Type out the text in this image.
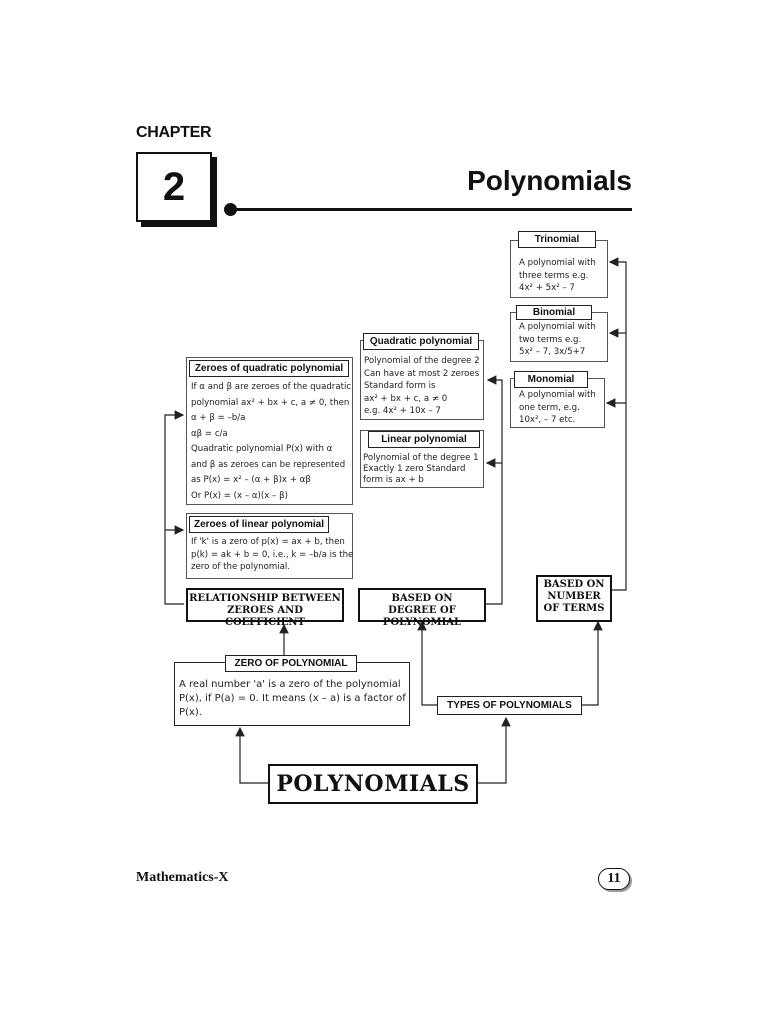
CHAPTER
2	Polynomials
Trinomial
A polynomial with
three terms e.g.
4x² + 5x² – 7
Binomial
A polynomial with
two terms e.g.
5x² – 7, 3x/5+7
Monomial
A polynomial with
one term, e.g.
10x², – 7 etc.
Quadratic polynomial
Polynomial of the degree 2
Can have at most 2 zeroes
Standard form is
ax² + bx + c, a ≠ 0
e.g. 4x² + 10x – 7
Linear polynomial
Polynomial of the degree 1
Exactly 1 zero Standard
form is ax + b
Zeroes of quadratic polynomial
If α and β are zeroes of the quadratic
polynomial ax² + bx + c, a ≠ 0, then
α + β = –b/a
αβ = c/a
Quadratic polynomial P(x) with α
and β as zeroes can be represented
as P(x) = x² – (α + β)x + αβ
Or P(x) = (x – α)(x – β)
Zeroes of linear polynomial
If 'k' is a zero of p(x) = ax + b, then
p(k) = ak + b = 0, i.e., k = –b/a is the
zero of the polynomial.
RELATIONSHIP BETWEEN ZEROES AND COEFFICIENT
BASED ON DEGREE OF POLYNOMIAL
BASED ON NUMBER OF TERMS
ZERO OF POLYNOMIAL
A real number 'a' is a zero of the polynomial P(x), if P(a) = 0. It means (x – a) is a factor of P(x).
TYPES OF POLYNOMIALS
POLYNOMIALS
Mathematics-X	11
